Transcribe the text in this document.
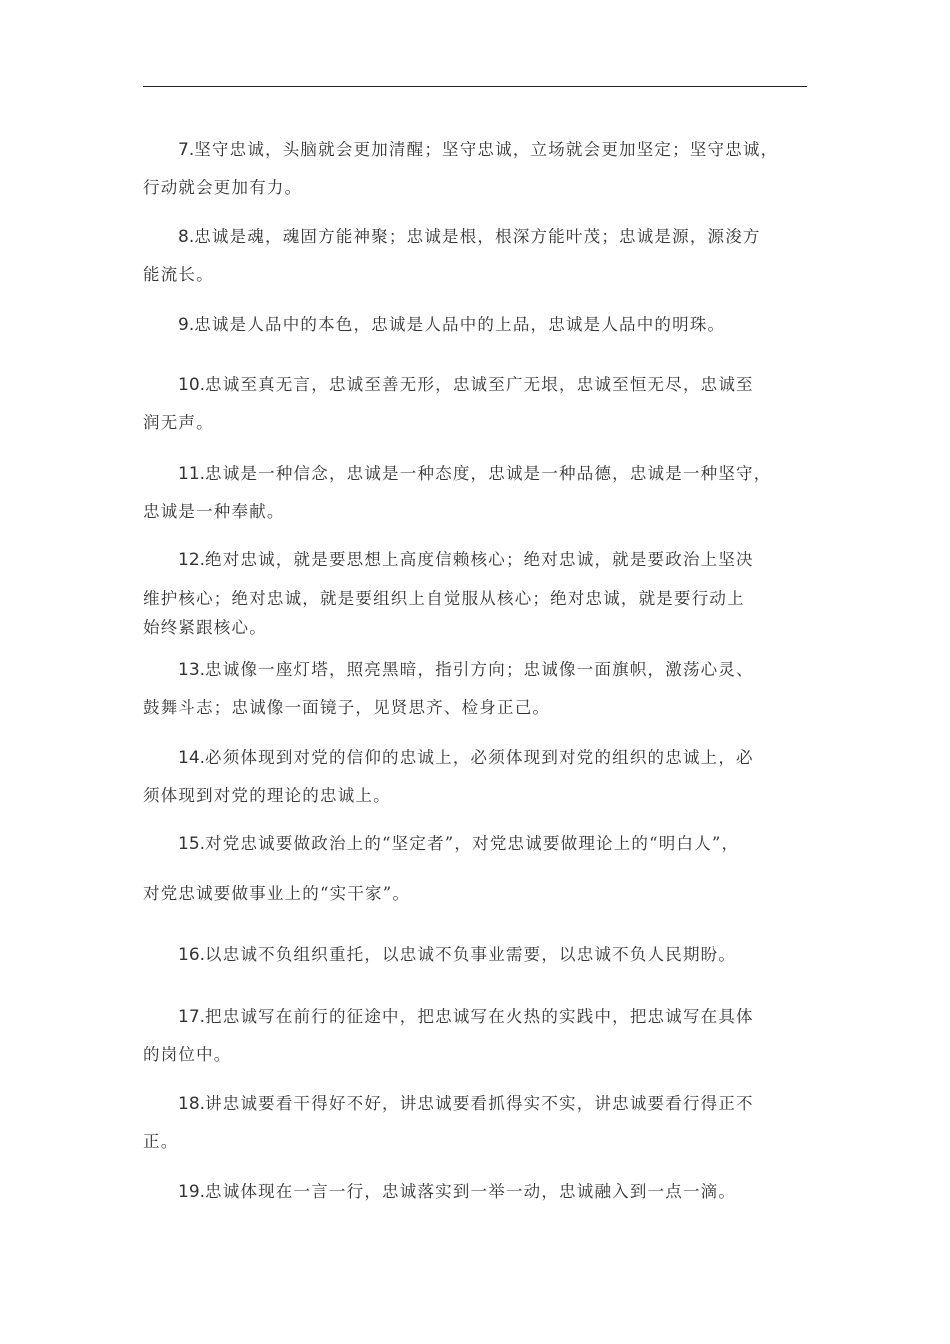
7.坚守忠诚，头脑就会更加清醒；坚守忠诚，立场就会更加坚定；坚守忠诚，
行动就会更加有力。
8.忠诚是魂，魂固方能神聚；忠诚是根，根深方能叶茂；忠诚是源，源浚方
能流长。
9.忠诚是人品中的本色，忠诚是人品中的上品，忠诚是人品中的明珠。
10.忠诚至真无言，忠诚至善无形，忠诚至广无垠，忠诚至恒无尽，忠诚至
润无声。
11.忠诚是一种信念，忠诚是一种态度，忠诚是一种品德，忠诚是一种坚守，
忠诚是一种奉献。
12.绝对忠诚，就是要思想上高度信赖核心；绝对忠诚，就是要政治上坚决
维护核心；绝对忠诚，就是要组织上自觉服从核心；绝对忠诚，就是要行动上
始终紧跟核心。
13.忠诚像一座灯塔，照亮黑暗，指引方向；忠诚像一面旗帜，激荡心灵、
鼓舞斗志；忠诚像一面镜子，见贤思齐、检身正己。
14.必须体现到对党的信仰的忠诚上，必须体现到对党的组织的忠诚上，必
须体现到对党的理论的忠诚上。
15.对党忠诚要做政治上的“坚定者”，对党忠诚要做理论上的“明白人”，
对党忠诚要做事业上的“实干家”。
16.以忠诚不负组织重托，以忠诚不负事业需要，以忠诚不负人民期盼。
17.把忠诚写在前行的征途中，把忠诚写在火热的实践中，把忠诚写在具体
的岗位中。
18.讲忠诚要看干得好不好，讲忠诚要看抓得实不实，讲忠诚要看行得正不
正。
19.忠诚体现在一言一行，忠诚落实到一举一动，忠诚融入到一点一滴。
